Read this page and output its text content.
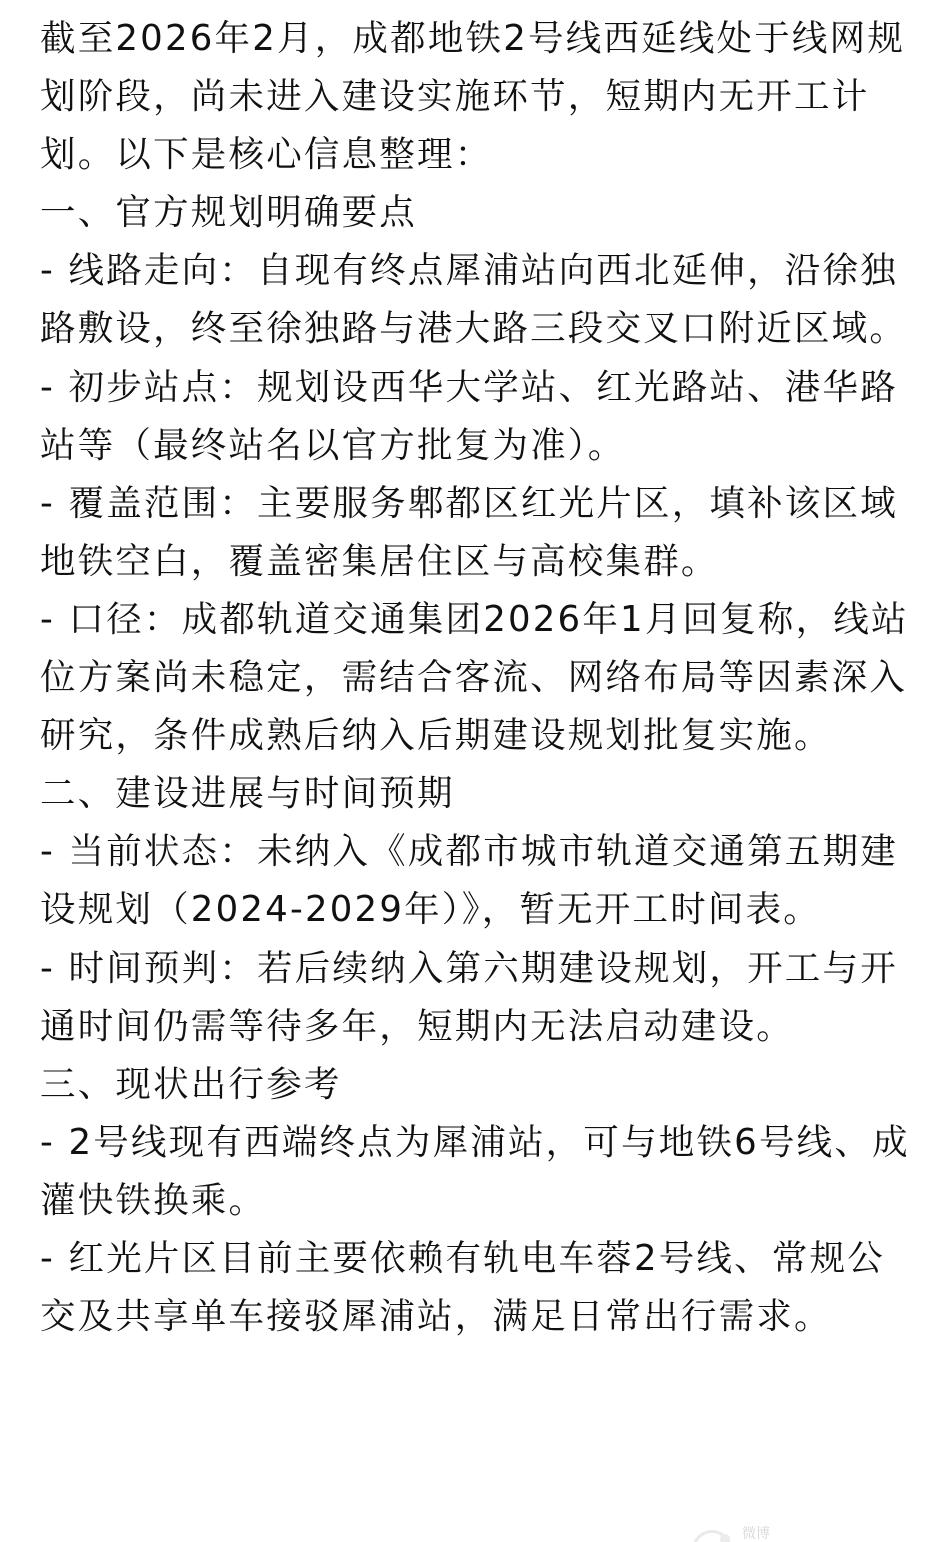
截至2026年2月，成都地铁2号线西延线处于线网规划阶段，尚未进入建设实施环节，短期内无开工计划。以下是核心信息整理：

一、官方规划明确要点

- 线路走向：自现有终点犀浦站向西北延伸，沿徐独路敷设，终至徐独路与港大路三段交叉口附近区域。

- 初步站点：规划设西华大学站、红光路站、港华路站等（最终站名以官方批复为准）。

- 覆盖范围：主要服务郫都区红光片区，填补该区域地铁空白，覆盖密集居住区与高校集群。

- 口径：成都轨道交通集团2026年1月回复称，线站位方案尚未稳定，需结合客流、网络布局等因素深入研究，条件成熟后纳入后期建设规划批复实施。

二、建设进展与时间预期

- 当前状态：未纳入《成都市城市轨道交通第五期建设规划（2024-2029年）》，暂无开工时间表。

- 时间预判：若后续纳入第六期建设规划，开工与开通时间仍需等待多年，短期内无法启动建设。

三、现状出行参考

- 2号线现有西端终点为犀浦站，可与地铁6号线、成灌快铁换乘。

- 红光片区目前主要依赖有轨电车蓉2号线、常规公交及共享单车接驳犀浦站，满足日常出行需求。

微博
